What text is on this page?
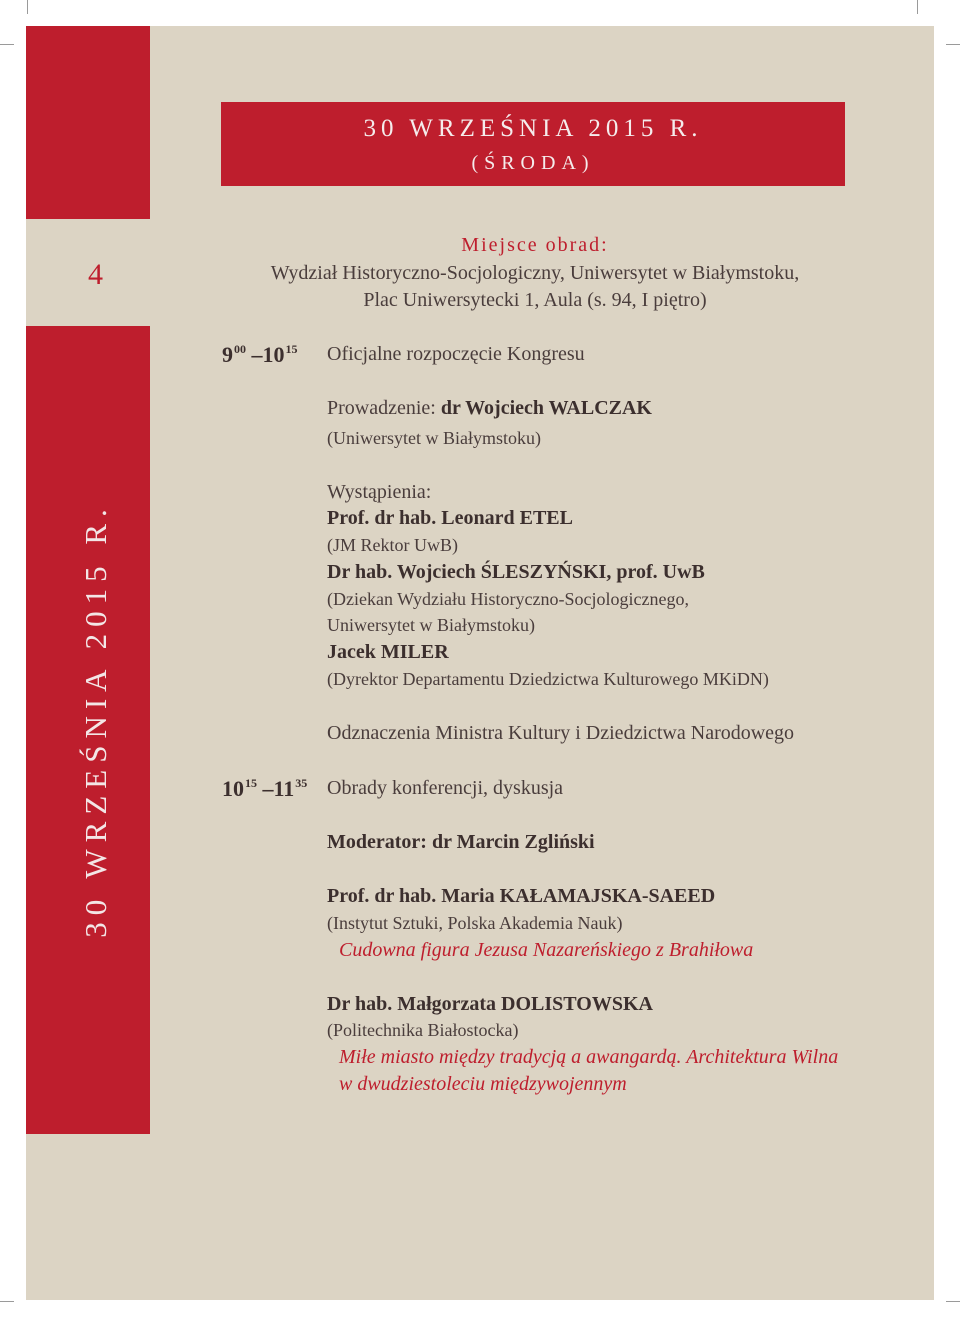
4
30 WRZEŚNIA 2015 R.
30 WRZEŚNIA 2015 R.
(ŚRODA)
Miejsce obrad:
Wydział Historyczno-Socjologiczny, Uniwersytet w Białymstoku,
Plac Uniwersytecki 1, Aula (s. 94, I piętro)
$9^{00}$ $-10^{15}$ Oficjalne rozpoczęcie Kongresu
Prowadzenie: dr Wojciech WALCZAK
(Uniwersytet w Białymstoku)
Wystąpienia:
Prof. dr hab. Leonard ETEL
(JM Rektor UwB)
Dr hab. Wojciech ŚLESZYŃSKI, prof. UwB
(Dziekan Wydziału Historyczno-Socjologicznego,
Uniwersytet w Białymstoku)
Jacek MILER
(Dyrektor Departamentu Dziedzictwa Kulturowego MKiDN)
Odznaczenia Ministra Kultury i Dziedzictwa Narodowego
$10^{15}$ $-11^{35}$ Obrady konferencji, dyskusja
Moderator: dr Marcin Zgliński
Prof. dr hab. Maria KAŁAMAJSKA-SAEED
(Instytut Sztuki, Polska Akademia Nauk)
Cudowna figura Jezusa Nazareńskiego z Brahiłowa
Dr hab. Małgorzata DOLISTOWSKA
(Politechnika Białostocka)
Miłe miasto między tradycją a awangardą. Architektura Wilna
w dwudziestoleciu międzywojennym
